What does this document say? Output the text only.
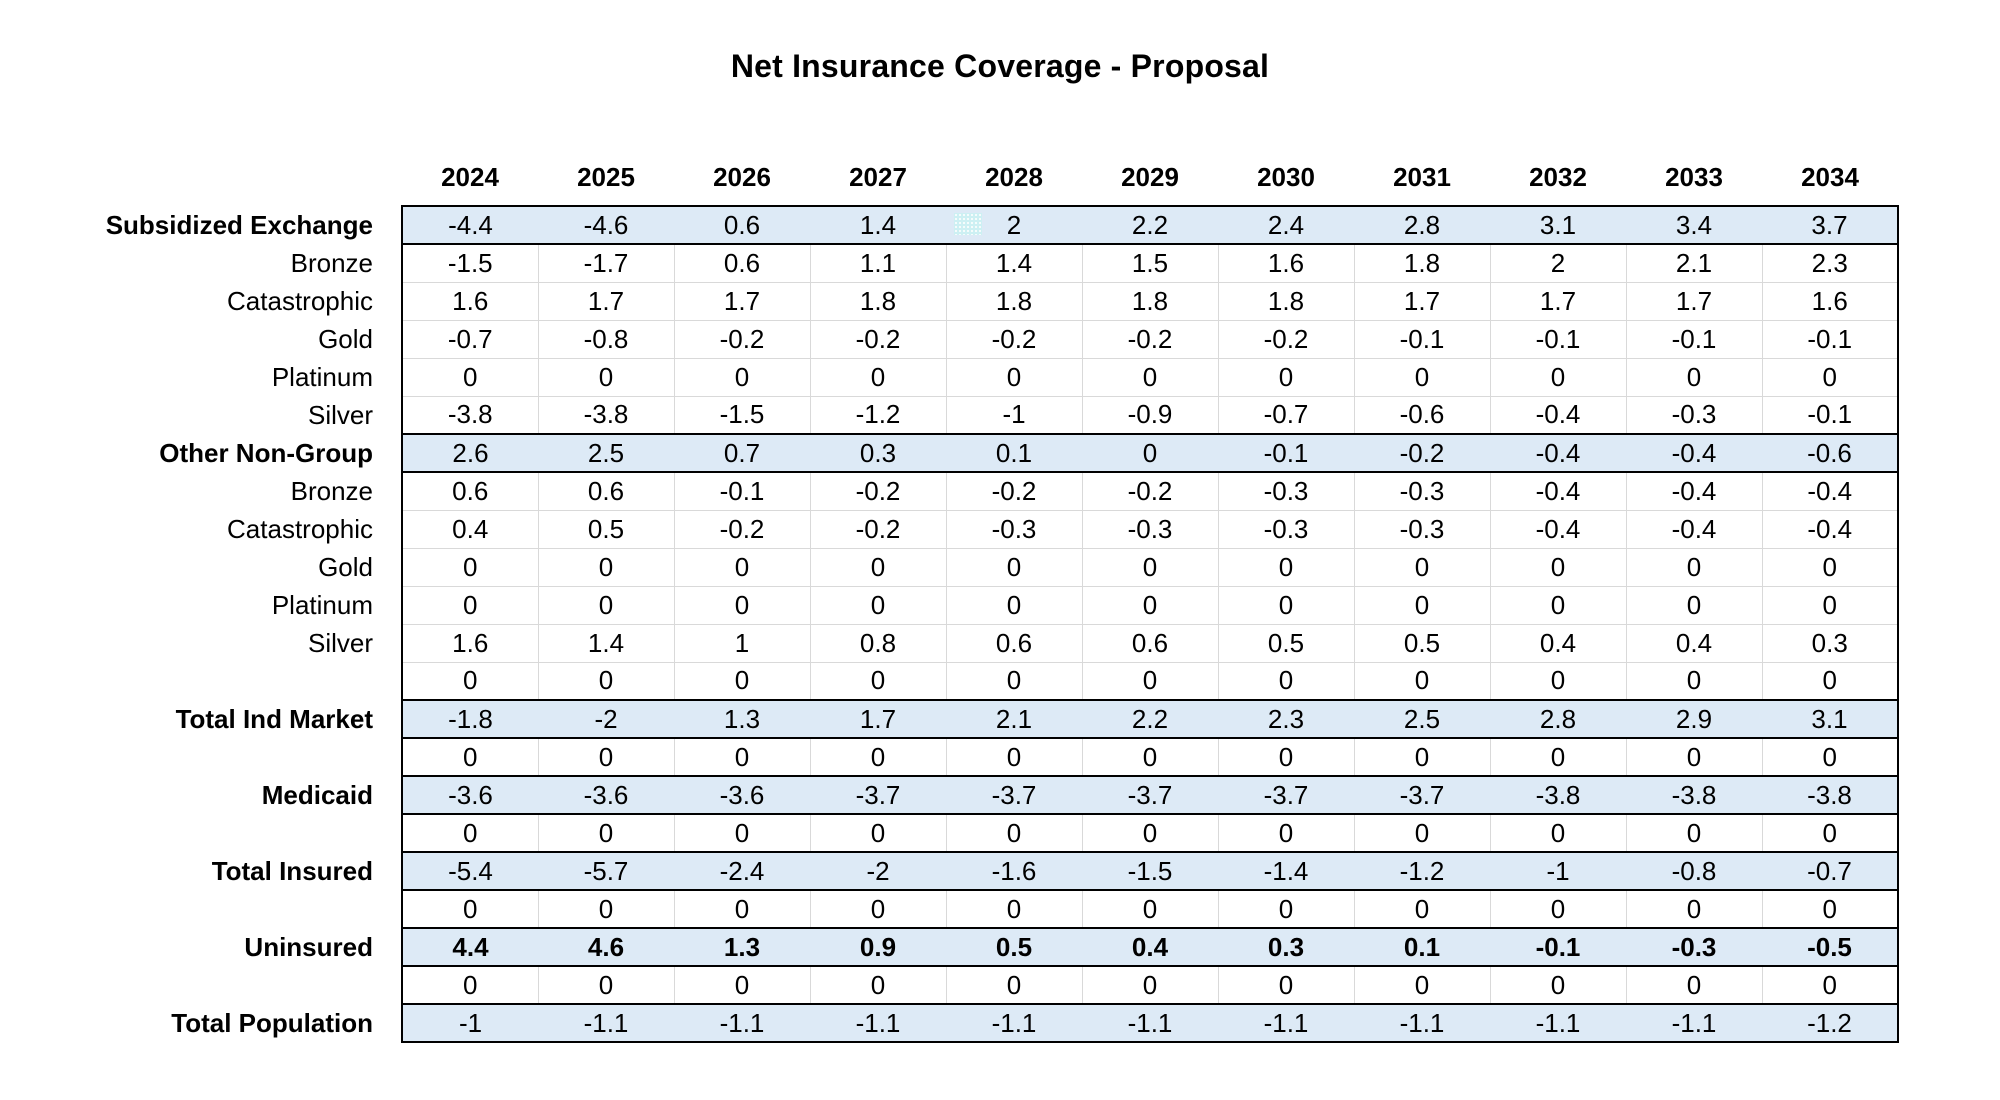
Net Insurance Coverage - Proposal
	2024	2025	2026	2027	2028	2029	2030	2031	2032	2033	2034
Subsidized Exchange	-4.4	-4.6	0.6	1.4	2	2.2	2.4	2.8	3.1	3.4	3.7
Bronze	-1.5	-1.7	0.6	1.1	1.4	1.5	1.6	1.8	2	2.1	2.3
Catastrophic	1.6	1.7	1.7	1.8	1.8	1.8	1.8	1.7	1.7	1.7	1.6
Gold	-0.7	-0.8	-0.2	-0.2	-0.2	-0.2	-0.2	-0.1	-0.1	-0.1	-0.1
Platinum	0	0	0	0	0	0	0	0	0	0	0
Silver	-3.8	-3.8	-1.5	-1.2	-1	-0.9	-0.7	-0.6	-0.4	-0.3	-0.1
Other Non-Group	2.6	2.5	0.7	0.3	0.1	0	-0.1	-0.2	-0.4	-0.4	-0.6
Bronze	0.6	0.6	-0.1	-0.2	-0.2	-0.2	-0.3	-0.3	-0.4	-0.4	-0.4
Catastrophic	0.4	0.5	-0.2	-0.2	-0.3	-0.3	-0.3	-0.3	-0.4	-0.4	-0.4
Gold	0	0	0	0	0	0	0	0	0	0	0
Platinum	0	0	0	0	0	0	0	0	0	0	0
Silver	1.6	1.4	1	0.8	0.6	0.6	0.5	0.5	0.4	0.4	0.3
	0	0	0	0	0	0	0	0	0	0	0
Total Ind Market	-1.8	-2	1.3	1.7	2.1	2.2	2.3	2.5	2.8	2.9	3.1
	0	0	0	0	0	0	0	0	0	0	0
Medicaid	-3.6	-3.6	-3.6	-3.7	-3.7	-3.7	-3.7	-3.7	-3.8	-3.8	-3.8
	0	0	0	0	0	0	0	0	0	0	0
Total Insured	-5.4	-5.7	-2.4	-2	-1.6	-1.5	-1.4	-1.2	-1	-0.8	-0.7
	0	0	0	0	0	0	0	0	0	0	0
Uninsured	4.4	4.6	1.3	0.9	0.5	0.4	0.3	0.1	-0.1	-0.3	-0.5
	0	0	0	0	0	0	0	0	0	0	0
Total Population	-1	-1.1	-1.1	-1.1	-1.1	-1.1	-1.1	-1.1	-1.1	-1.1	-1.2
